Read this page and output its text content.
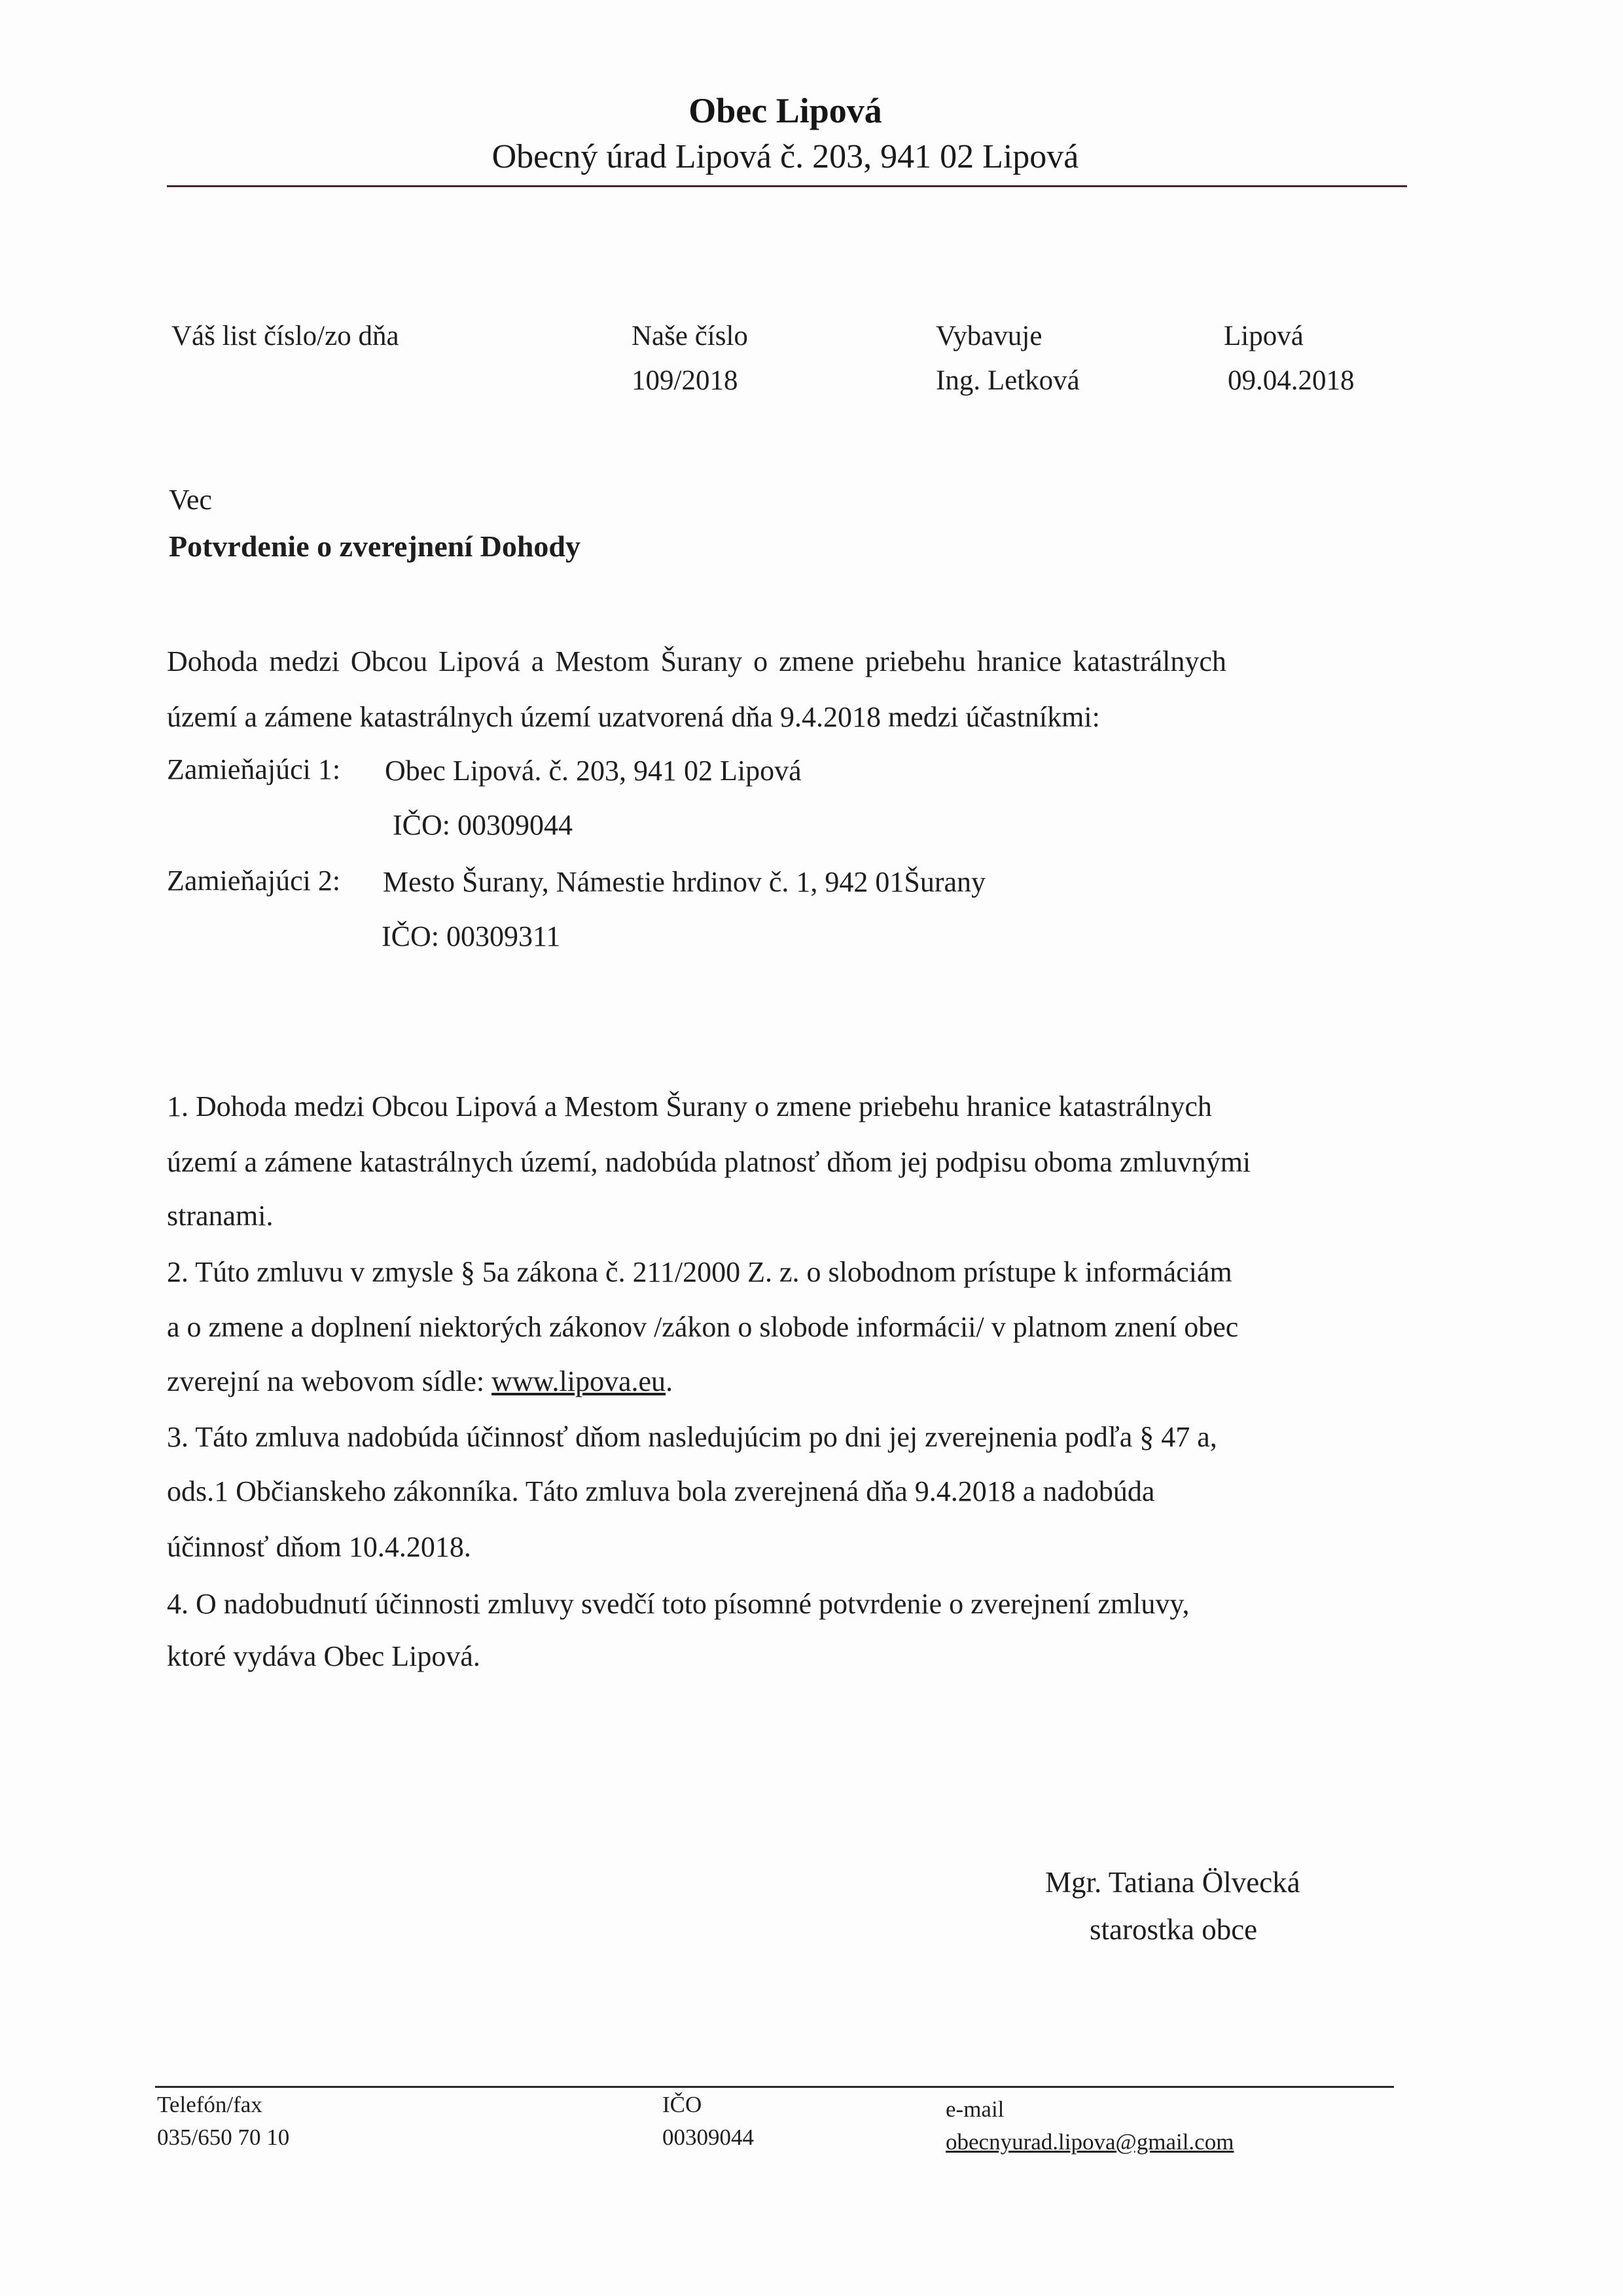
Obec Lipová
Obecný úrad Lipová č. 203, 941 02 Lipová
Váš list číslo/zo dňa	Naše číslo
109/2018
Vybavuje
Ing. Letková
Lipová
09.04.2018
Vec
Potvrdenie o zverejnení Dohody
Dohoda medzi Obcou Lipová a Mestom Šurany o zmene priebehu hranice katastrálnych
území a zámene katastrálnych území uzatvorená dňa 9.4.2018 medzi účastníkmi:
Zamieňajúci 1: Obec Lipová. č. 203, 941 02 Lipová
IČO: 00309044
Zamieňajúci 2: Mesto Šurany, Námestie hrdinov č. 1, 942 01Šurany
IČO: 00309311
1. Dohoda medzi Obcou Lipová a Mestom Šurany o zmene priebehu hranice katastrálnych
území a zámene katastrálnych území, nadobúda platnosť dňom jej podpisu oboma zmluvnými
stranami.
2. Túto zmluvu v zmysle § 5a zákona č. 211/2000 Z. z. o slobodnom prístupe k informáciám
a o zmene a doplnení niektorých zákonov /zákon o slobode informácii/ v platnom znení obec
zverejní na webovom sídle: www.lipova.eu.
3. Táto zmluva nadobúda účinnosť dňom nasledujúcim po dni jej zverejnenia podľa § 47 a,
ods.1 Občianskeho zákonníka. Táto zmluva bola zverejnená dňa 9.4.2018 a nadobúda
účinnosť dňom 10.4.2018.
4. O nadobudnutí účinnosti zmluvy svedčí toto písomné potvrdenie o zverejnení zmluvy,
ktoré vydáva Obec Lipová.
Mgr. Tatiana Ölvecká
starostka obce
Telefón/fax
035/650 70 10
IČO
00309044
e-mail
obecnyurad.lipova@gmail.com
